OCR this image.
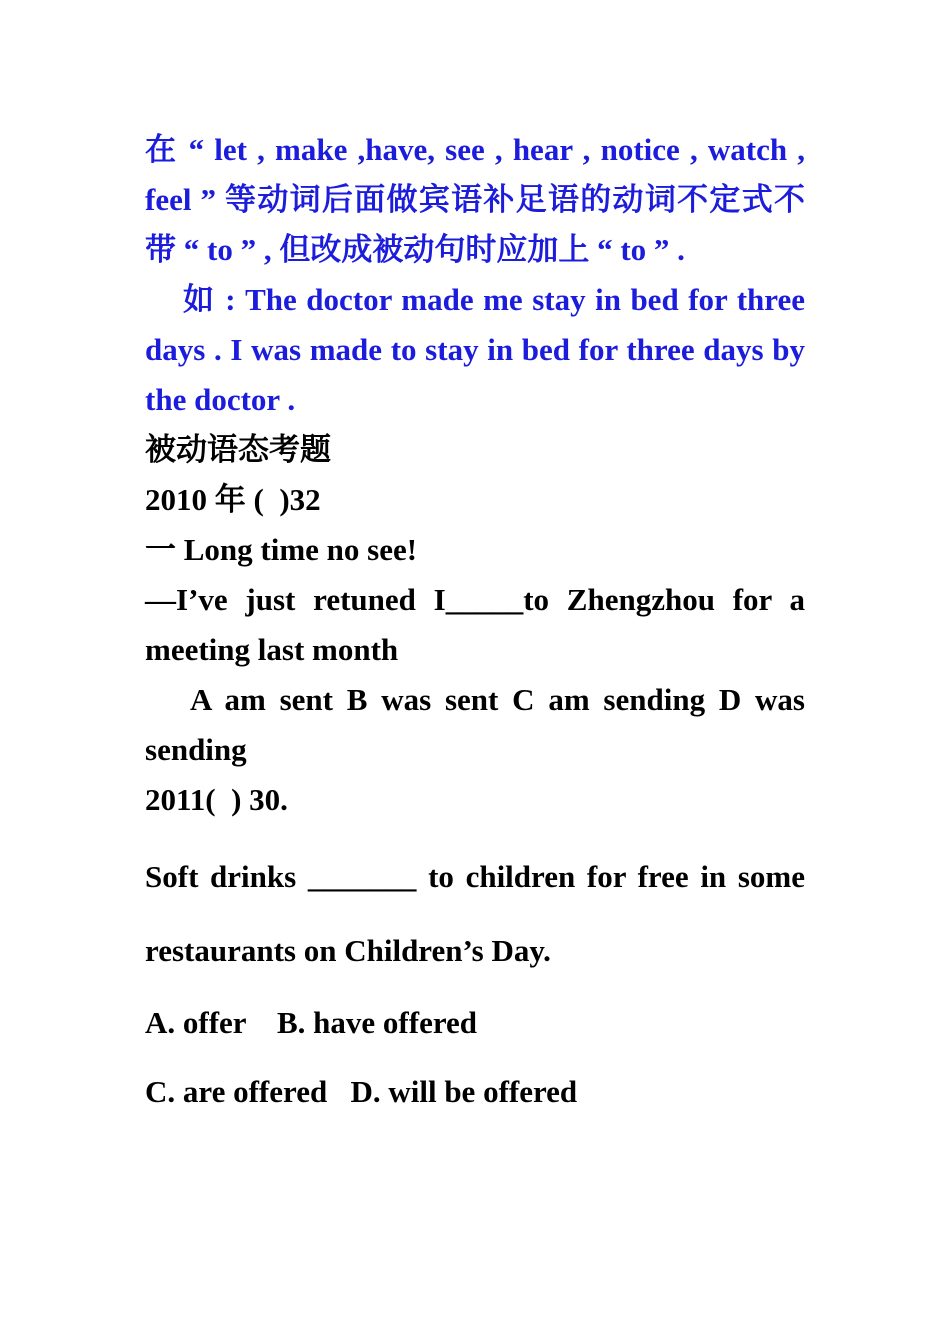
在 “ let , make ,have, see , hear , notice , watch , feel ” 等动词后面做宾语补足语的动词不定式不带 “ to ” , 但改成被动句时应加上 “ to ” .

如 : The doctor made me stay in bed for three days . I was made to stay in bed for three days by the doctor .

被动语态考题

2010 年 (  )32

一 Long time no see!

—I’ve just retuned I_____to Zhengzhou for a meeting last month

A am sent B was sent C am sending D was sending

2011(  ) 30.

Soft drinks _______ to children for free in some restaurants on Children’s Day.

A. offer    B. have offered

C. are offered   D. will be offered
